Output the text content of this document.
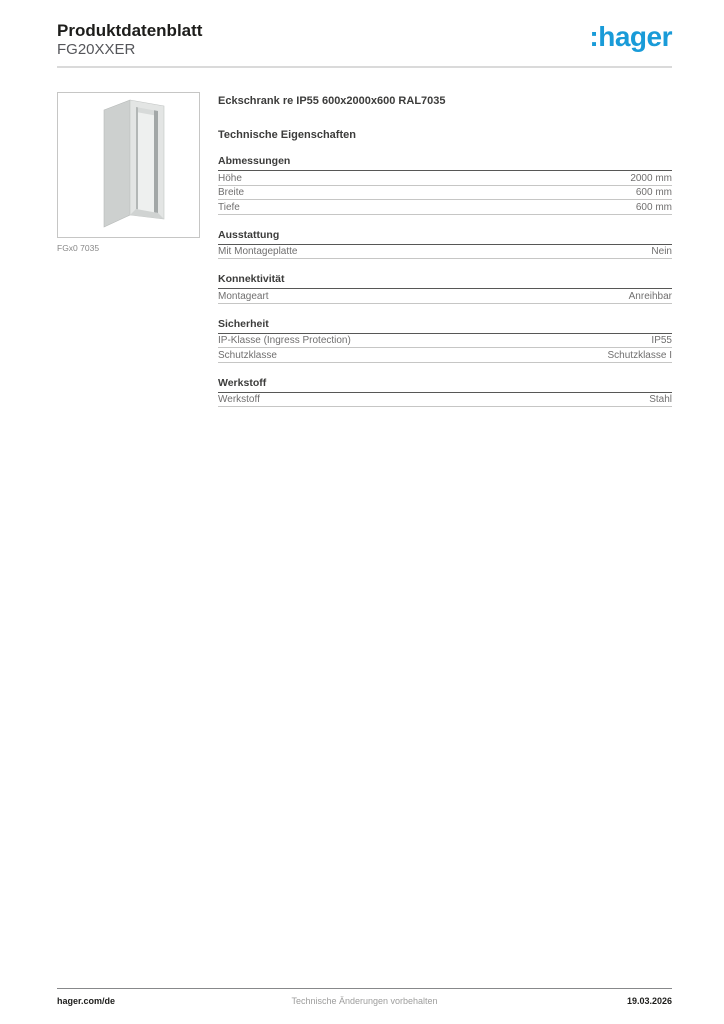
Produktdatenblatt
FG20XXER	:hager
FGx0 7035
Eckschrank re IP55 600x2000x600 RAL7035
Technische Eigenschaften
Abmessungen
Höhe	2000 mm
Breite	600 mm
Tiefe	600 mm
Ausstattung
Mit Montageplatte	Nein
Konnektivität
Montageart	Anreihbar
Sicherheit
IP-Klasse (Ingress Protection)	IP55
Schutzklasse	Schutzklasse I
Werkstoff
Werkstoff	Stahl
hager.com/de	Technische Änderungen vorbehalten	19.03.2026
